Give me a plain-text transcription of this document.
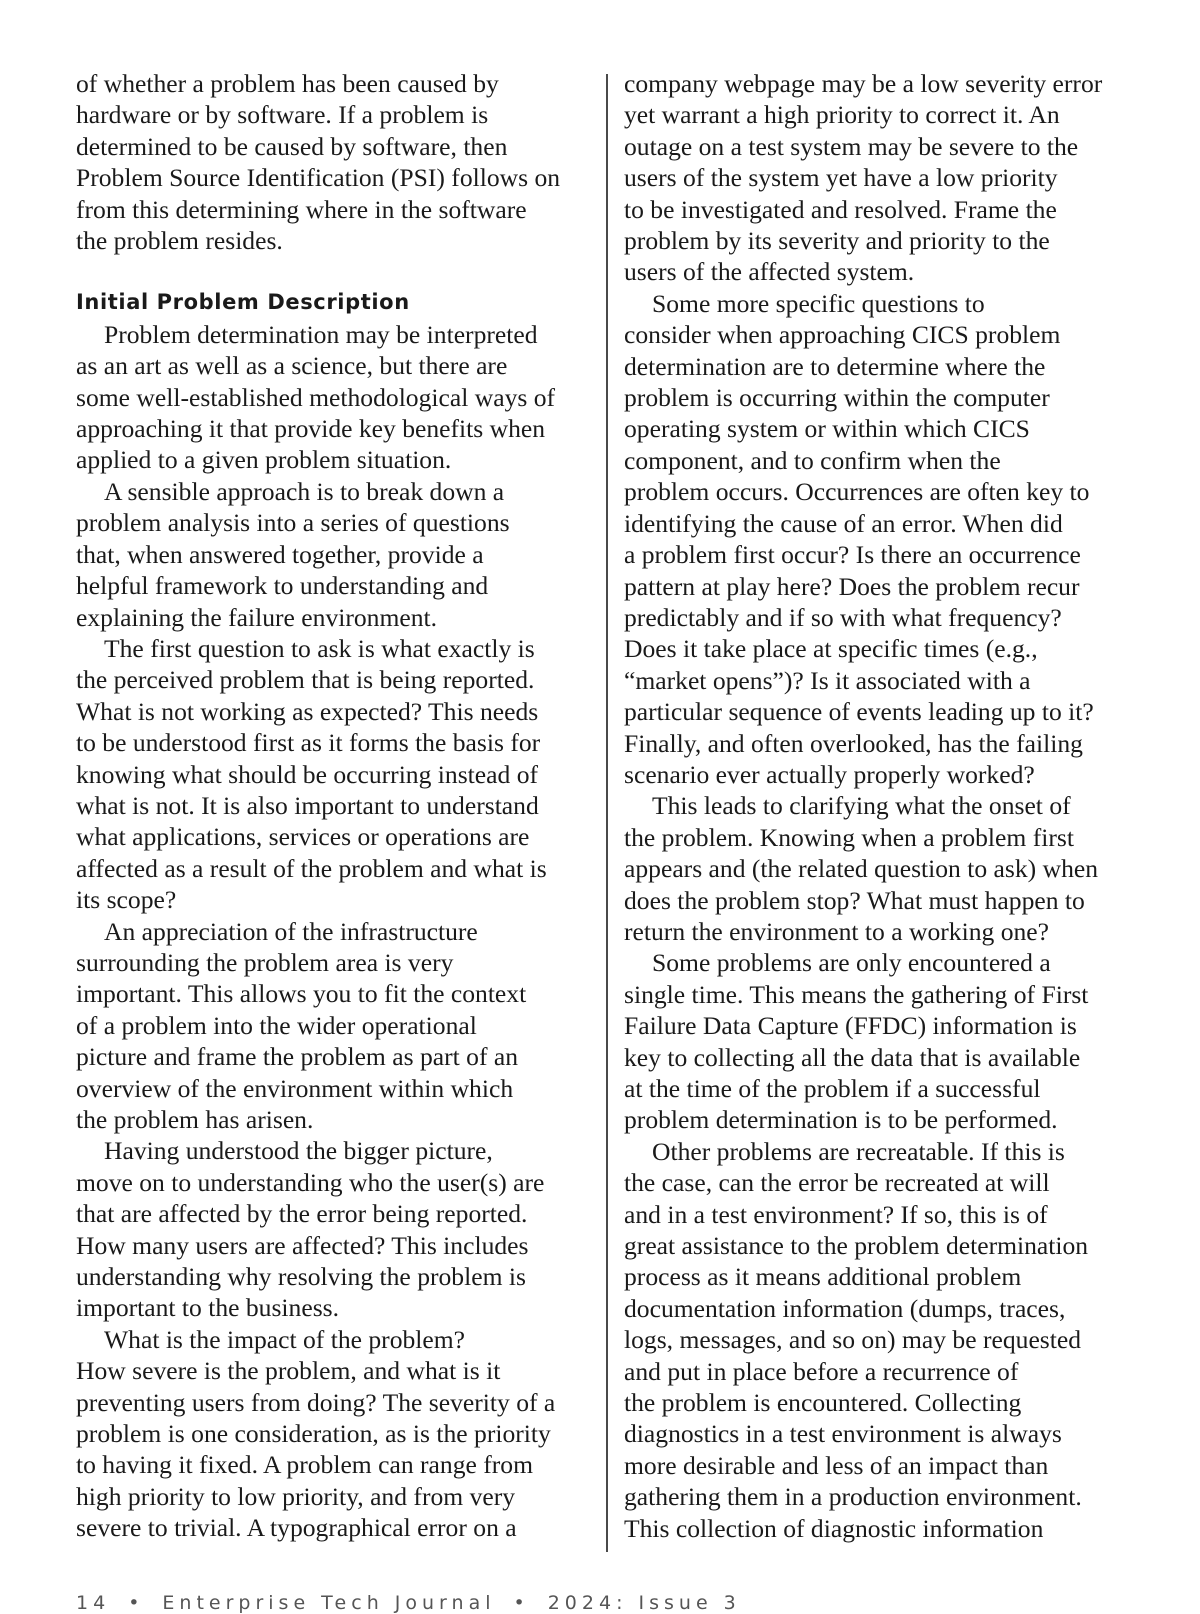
of whether a problem has been caused by
hardware or by software. If a problem is
determined to be caused by software, then
Problem Source Identification (PSI) follows on
from this determining where in the software
the problem resides.

Initial Problem Description

Problem determination may be interpreted
as an art as well as a science, but there are
some well-established methodological ways of
approaching it that provide key benefits when
applied to a given problem situation.

A sensible approach is to break down a
problem analysis into a series of questions
that, when answered together, provide a
helpful framework to understanding and
explaining the failure environment.

The first question to ask is what exactly is
the perceived problem that is being reported.
What is not working as expected? This needs
to be understood first as it forms the basis for
knowing what should be occurring instead of
what is not. It is also important to understand
what applications, services or operations are
affected as a result of the problem and what is
its scope?

An appreciation of the infrastructure
surrounding the problem area is very
important. This allows you to fit the context
of a problem into the wider operational
picture and frame the problem as part of an
overview of the environment within which
the problem has arisen.

Having understood the bigger picture,
move on to understanding who the user(s) are
that are affected by the error being reported.
How many users are affected? This includes
understanding why resolving the problem is
important to the business.

What is the impact of the problem?
How severe is the problem, and what is it
preventing users from doing? The severity of a
problem is one consideration, as is the priority
to having it fixed. A problem can range from
high priority to low priority, and from very
severe to trivial. A typographical error on a

company webpage may be a low severity error
yet warrant a high priority to correct it. An
outage on a test system may be severe to the
users of the system yet have a low priority
to be investigated and resolved. Frame the
problem by its severity and priority to the
users of the affected system.

Some more specific questions to
consider when approaching CICS problem
determination are to determine where the
problem is occurring within the computer
operating system or within which CICS
component, and to confirm when the
problem occurs. Occurrences are often key to
identifying the cause of an error. When did
a problem first occur? Is there an occurrence
pattern at play here? Does the problem recur
predictably and if so with what frequency?
Does it take place at specific times (e.g.,
“market opens”)? Is it associated with a
particular sequence of events leading up to it?
Finally, and often overlooked, has the failing
scenario ever actually properly worked?

This leads to clarifying what the onset of
the problem. Knowing when a problem first
appears and (the related question to ask) when
does the problem stop? What must happen to
return the environment to a working one?

Some problems are only encountered a
single time. This means the gathering of First
Failure Data Capture (FFDC) information is
key to collecting all the data that is available
at the time of the problem if a successful
problem determination is to be performed.

Other problems are recreatable. If this is
the case, can the error be recreated at will
and in a test environment? If so, this is of
great assistance to the problem determination
process as it means additional problem
documentation information (dumps, traces,
logs, messages, and so on) may be requested
and put in place before a recurrence of
the problem is encountered. Collecting
diagnostics in a test environment is always
more desirable and less of an impact than
gathering them in a production environment.
This collection of diagnostic information

14 • Enterprise Tech Journal • 2024: Issue 3
